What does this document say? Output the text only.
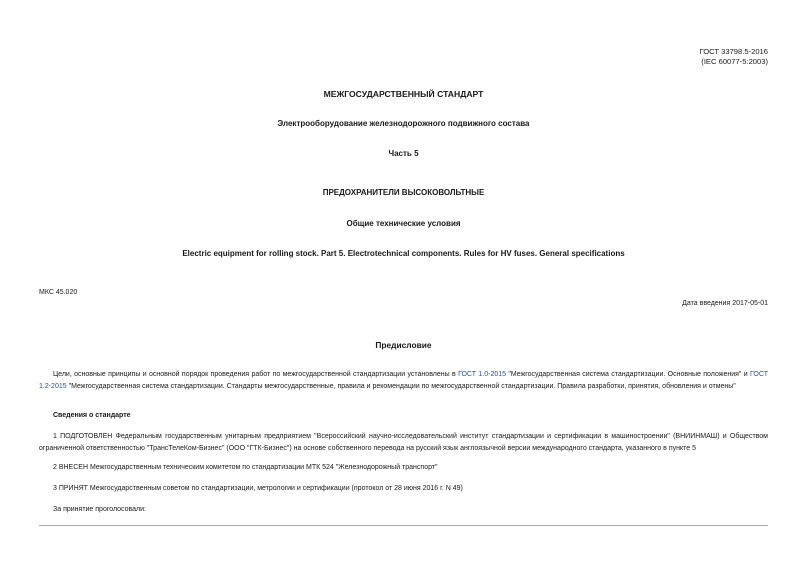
ГОСТ 33798.5-2016
(IEC 60077-5:2003)
МЕЖГОСУДАРСТВЕННЫЙ СТАНДАРТ
Электрооборудование железнодорожного подвижного состава
Часть 5
ПРЕДОХРАНИТЕЛИ ВЫСОКОВОЛЬТНЫЕ
Общие технические условия
Electric equipment for rolling stock. Part 5. Electrotechnical components. Rules for HV fuses. General specifications
МКС 45.020
Дата введения 2017-05-01
Предисловие
Цели, основные принципы и основной порядок проведения работ по межгосударственной стандартизации установлены в ГОСТ 1.0-2015 "Межгосударственная система стандартизации. Основные положения" и ГОСТ 1.2-2015 "Межгосударственная система стандартизации. Стандарты межгосударственные, правила и рекомендации по межгосударственной стандартизации. Правила разработки, принятия, обновления и отмены"
Сведения о стандарте
1 ПОДГОТОВЛЕН Федеральным государственным унитарным предприятием "Всероссийский научно-исследовательский институт стандартизации и сертификации в машиностроении" (ВНИИНМАШ) и Обществом ограниченной ответственностью "ТрансТелеКом-Бизнес" (ООО "ГТК-Бизнес") на основе собственного перевода на русский язык англоязычной версии международного стандарта, указанного в пункте 5
2 ВНЕСЕН Межгосударственным техническим комитетом по стандартизации МТК 524 "Железнодорожный транспорт"
3 ПРИНЯТ Межгосударственным советом по стандартизации, метрологии и сертификации (протокол от 28 июня 2016 г. N 49)
За принятие проголосовали:
